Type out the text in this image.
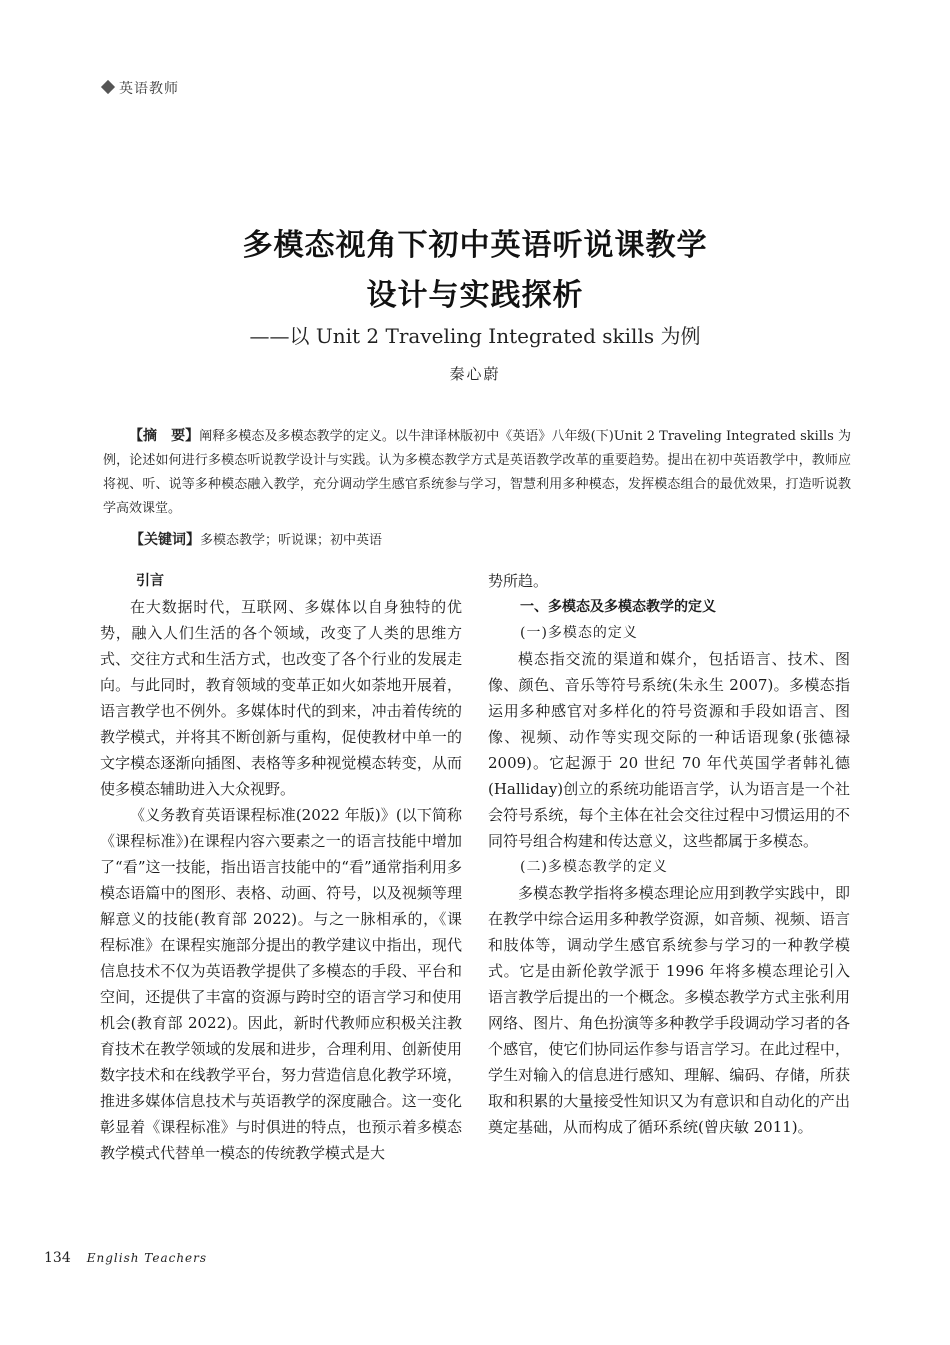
英语教师
多模态视角下初中英语听说课教学
设计与实践探析
——以 Unit 2 Traveling Integrated skills 为例
秦心蔚
【摘　要】阐释多模态及多模态教学的定义。以牛津译林版初中《英语》八年级(下)Unit 2 Traveling Integrated skills 为例，论述如何进行多模态听说教学设计与实践。认为多模态教学方式是英语教学改革的重要趋势。提出在初中英语教学中，教师应将视、听、说等多种模态融入教学，充分调动学生感官系统参与学习，智慧利用多种模态，发挥模态组合的最优效果，打造听说教学高效课堂。
【关键词】多模态教学；听说课；初中英语
引言

在大数据时代，互联网、多媒体以自身独特的优势，融入人们生活的各个领域，改变了人类的思维方式、交往方式和生活方式，也改变了各个行业的发展走向。与此同时，教育领域的变革正如火如荼地开展着，语言教学也不例外。多媒体时代的到来，冲击着传统的教学模式，并将其不断创新与重构，促使教材中单一的文字模态逐渐向插图、表格等多种视觉模态转变，从而使多模态辅助进入大众视野。

《义务教育英语课程标准(2022 年版)》(以下简称《课程标准》)在课程内容六要素之一的语言技能中增加了“看”这一技能，指出语言技能中的“看”通常指利用多模态语篇中的图形、表格、动画、符号，以及视频等理解意义的技能(教育部 2022)。与之一脉相承的，《课程标准》在课程实施部分提出的教学建议中指出，现代信息技术不仅为英语教学提供了多模态的手段、平台和空间，还提供了丰富的资源与跨时空的语言学习和使用机会(教育部 2022)。因此，新时代教师应积极关注教育技术在教学领域的发展和进步，合理利用、创新使用数字技术和在线教学平台，努力营造信息化教学环境，推进多媒体信息技术与英语教学的深度融合。这一变化彰显着《课程标准》与时俱进的特点，也预示着多模态教学模式代替单一模态的传统教学模式是大

势所趋。

一、多模态及多模态教学的定义
(一)多模态的定义

模态指交流的渠道和媒介，包括语言、技术、图像、颜色、音乐等符号系统(朱永生 2007)。多模态指运用多种感官对多样化的符号资源和手段如语言、图像、视频、动作等实现交际的一种话语现象(张德禄 2009)。它起源于 20 世纪 70 年代英国学者韩礼德(Halliday)创立的系统功能语言学，认为语言是一个社会符号系统，每个主体在社会交往过程中习惯运用的不同符号组合构建和传达意义，这些都属于多模态。

(二)多模态教学的定义

多模态教学指将多模态理论应用到教学实践中，即在教学中综合运用多种教学资源，如音频、视频、语言和肢体等，调动学生感官系统参与学习的一种教学模式。它是由新伦敦学派于 1996 年将多模态理论引入语言教学后提出的一个概念。多模态教学方式主张利用网络、图片、角色扮演等多种教学手段调动学习者的各个感官，使它们协同运作参与语言学习。在此过程中，学生对输入的信息进行感知、理解、编码、存储，所获取和积累的大量接受性知识又为有意识和自动化的产出奠定基础，从而构成了循环系统(曾庆敏 2011)。

134 English Teachers
